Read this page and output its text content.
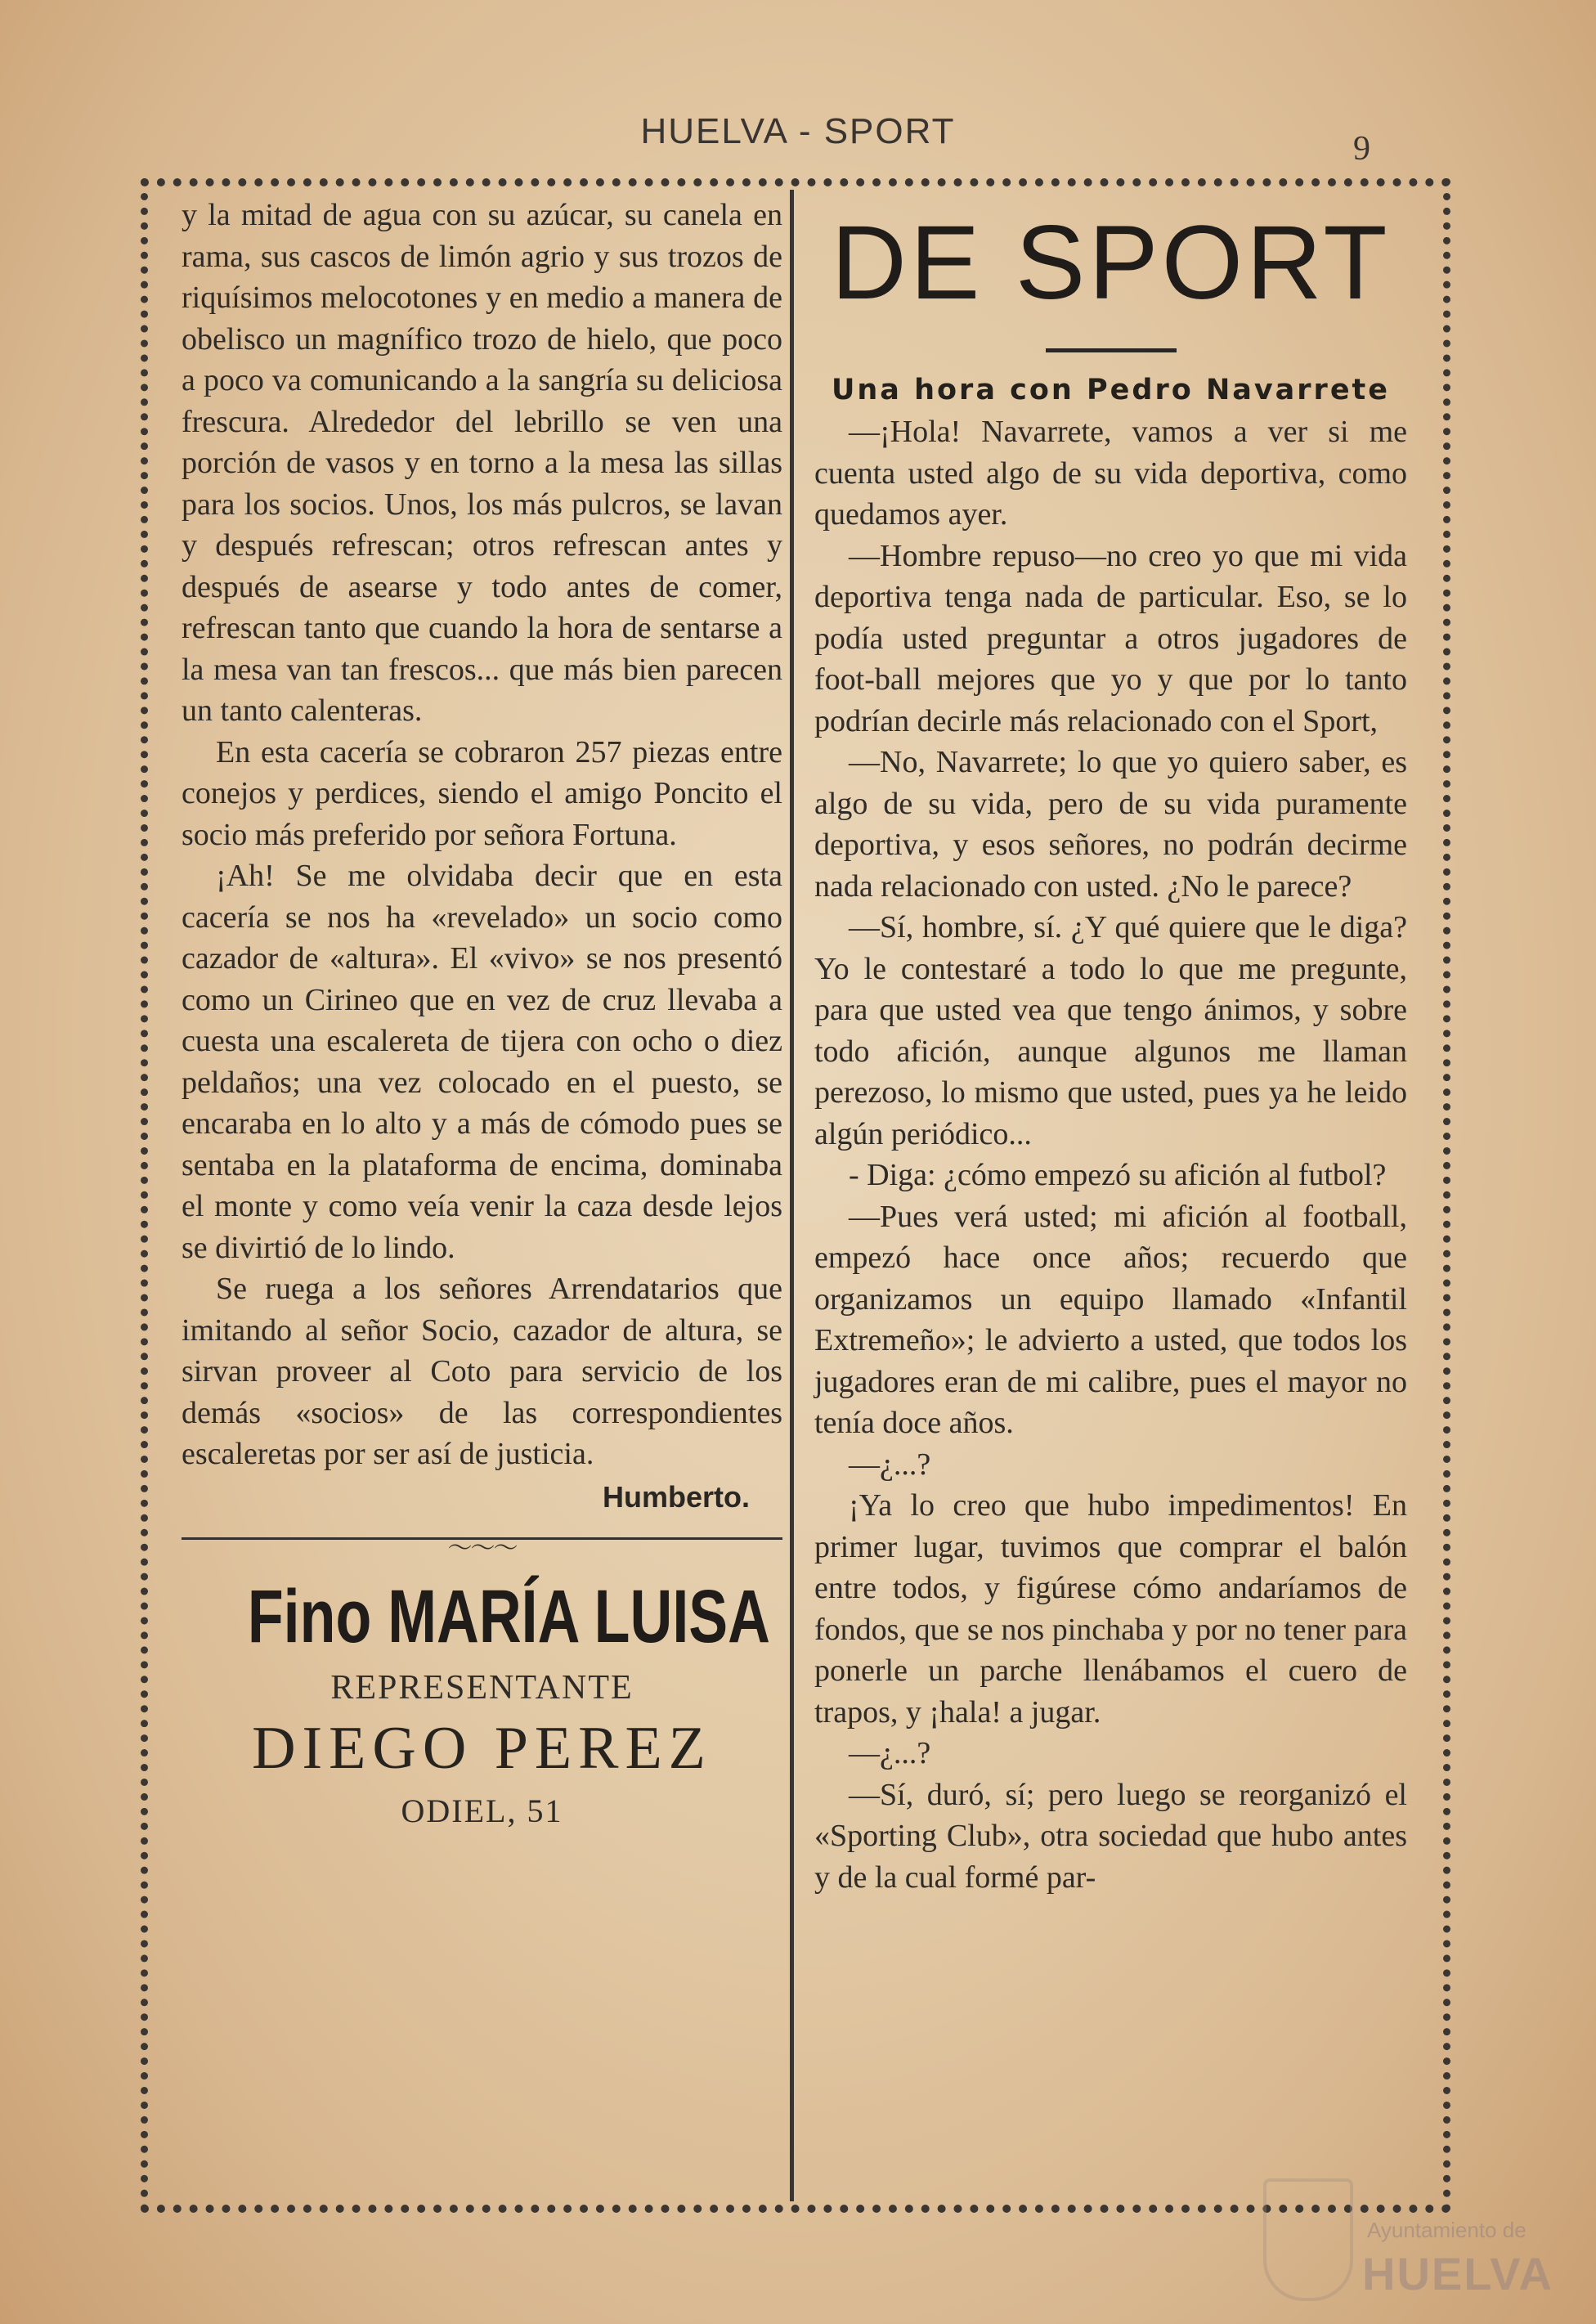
HUELVA - SPORT	9

y la mitad de agua con su azúcar, su canela en rama, sus cascos de limón agrio y sus trozos de riquísimos melocotones y en medio a manera de obelisco un magnífico trozo de hielo, que poco a poco va comunicando a la sangría su deliciosa frescura. Alrededor del lebrillo se ven una porción de vasos y en torno a la mesa las sillas para los socios. Unos, los más pulcros, se lavan y después refrescan; otros refrescan antes y después de asearse y todo antes de comer, refrescan tanto que cuando la hora de sentarse a la mesa van tan frescos... que más bien parecen un tanto calenteras.

En esta cacería se cobraron 257 piezas entre conejos y perdices, siendo el amigo Poncito el socio más preferido por señora Fortuna.

¡Ah! Se me olvidaba decir que en esta cacería se nos ha «revelado» un socio como cazador de «altura». El «vivo» se nos presentó como un Cirineo que en vez de cruz llevaba a cuesta una escalereta de tijera con ocho o diez peldaños; una vez colocado en el puesto, se encaraba en lo alto y a más de cómodo pues se sentaba en la plataforma de encima, dominaba el monte y como veía venir la caza desde lejos se divirtió de lo lindo.

Se ruega a los señores Arrendatarios que imitando al señor Socio, cazador de altura, se sirvan proveer al Coto para servicio de los demás «socios» de las correspondientes escaleretas por ser así de justicia.

Humberto.
〜〜〜
Fino MARÍA LUISA
REPRESENTANTE
DIEGO PEREZ
ODIEL, 51
DE SPORT
Una hora con Pedro Navarrete

—¡Hola! Navarrete, vamos a ver si me cuenta usted algo de su vida deportiva, como quedamos ayer.

—Hombre repuso—no creo yo que mi vida deportiva tenga nada de particular. Eso, se lo podía usted preguntar a otros jugadores de foot-ball mejores que yo y que por lo tanto podrían decirle más relacionado con el Sport,

—No, Navarrete; lo que yo quiero saber, es algo de su vida, pero de su vida puramente deportiva, y esos señores, no podrán decirme nada relacionado con usted. ¿No le parece?

—Sí, hombre, sí. ¿Y qué quiere que le diga? Yo le contestaré a todo lo que me pregunte, para que usted vea que tengo ánimos, y sobre todo afición, aunque algunos me llaman perezoso, lo mismo que usted, pues ya he leido algún periódico...

- Diga: ¿cómo empezó su afición al futbol?

—Pues verá usted; mi afición al football, empezó hace once años; recuerdo que organizamos un equipo llamado «Infantil Extremeño»; le advierto a usted, que todos los jugadores eran de mi calibre, pues el mayor no tenía doce años.

—¿...?

¡Ya lo creo que hubo impedimentos! En primer lugar, tuvimos que comprar el balón entre todos, y figúrese cómo andaríamos de fondos, que se nos pinchaba y por no tener para ponerle un parche llenábamos el cuero de trapos, y ¡hala! a jugar.

—¿...?

—Sí, duró, sí; pero luego se reorganizó el «Sporting Club», otra sociedad que hubo antes y de la cual formé par-

Ayuntamiento de
HUELVA
